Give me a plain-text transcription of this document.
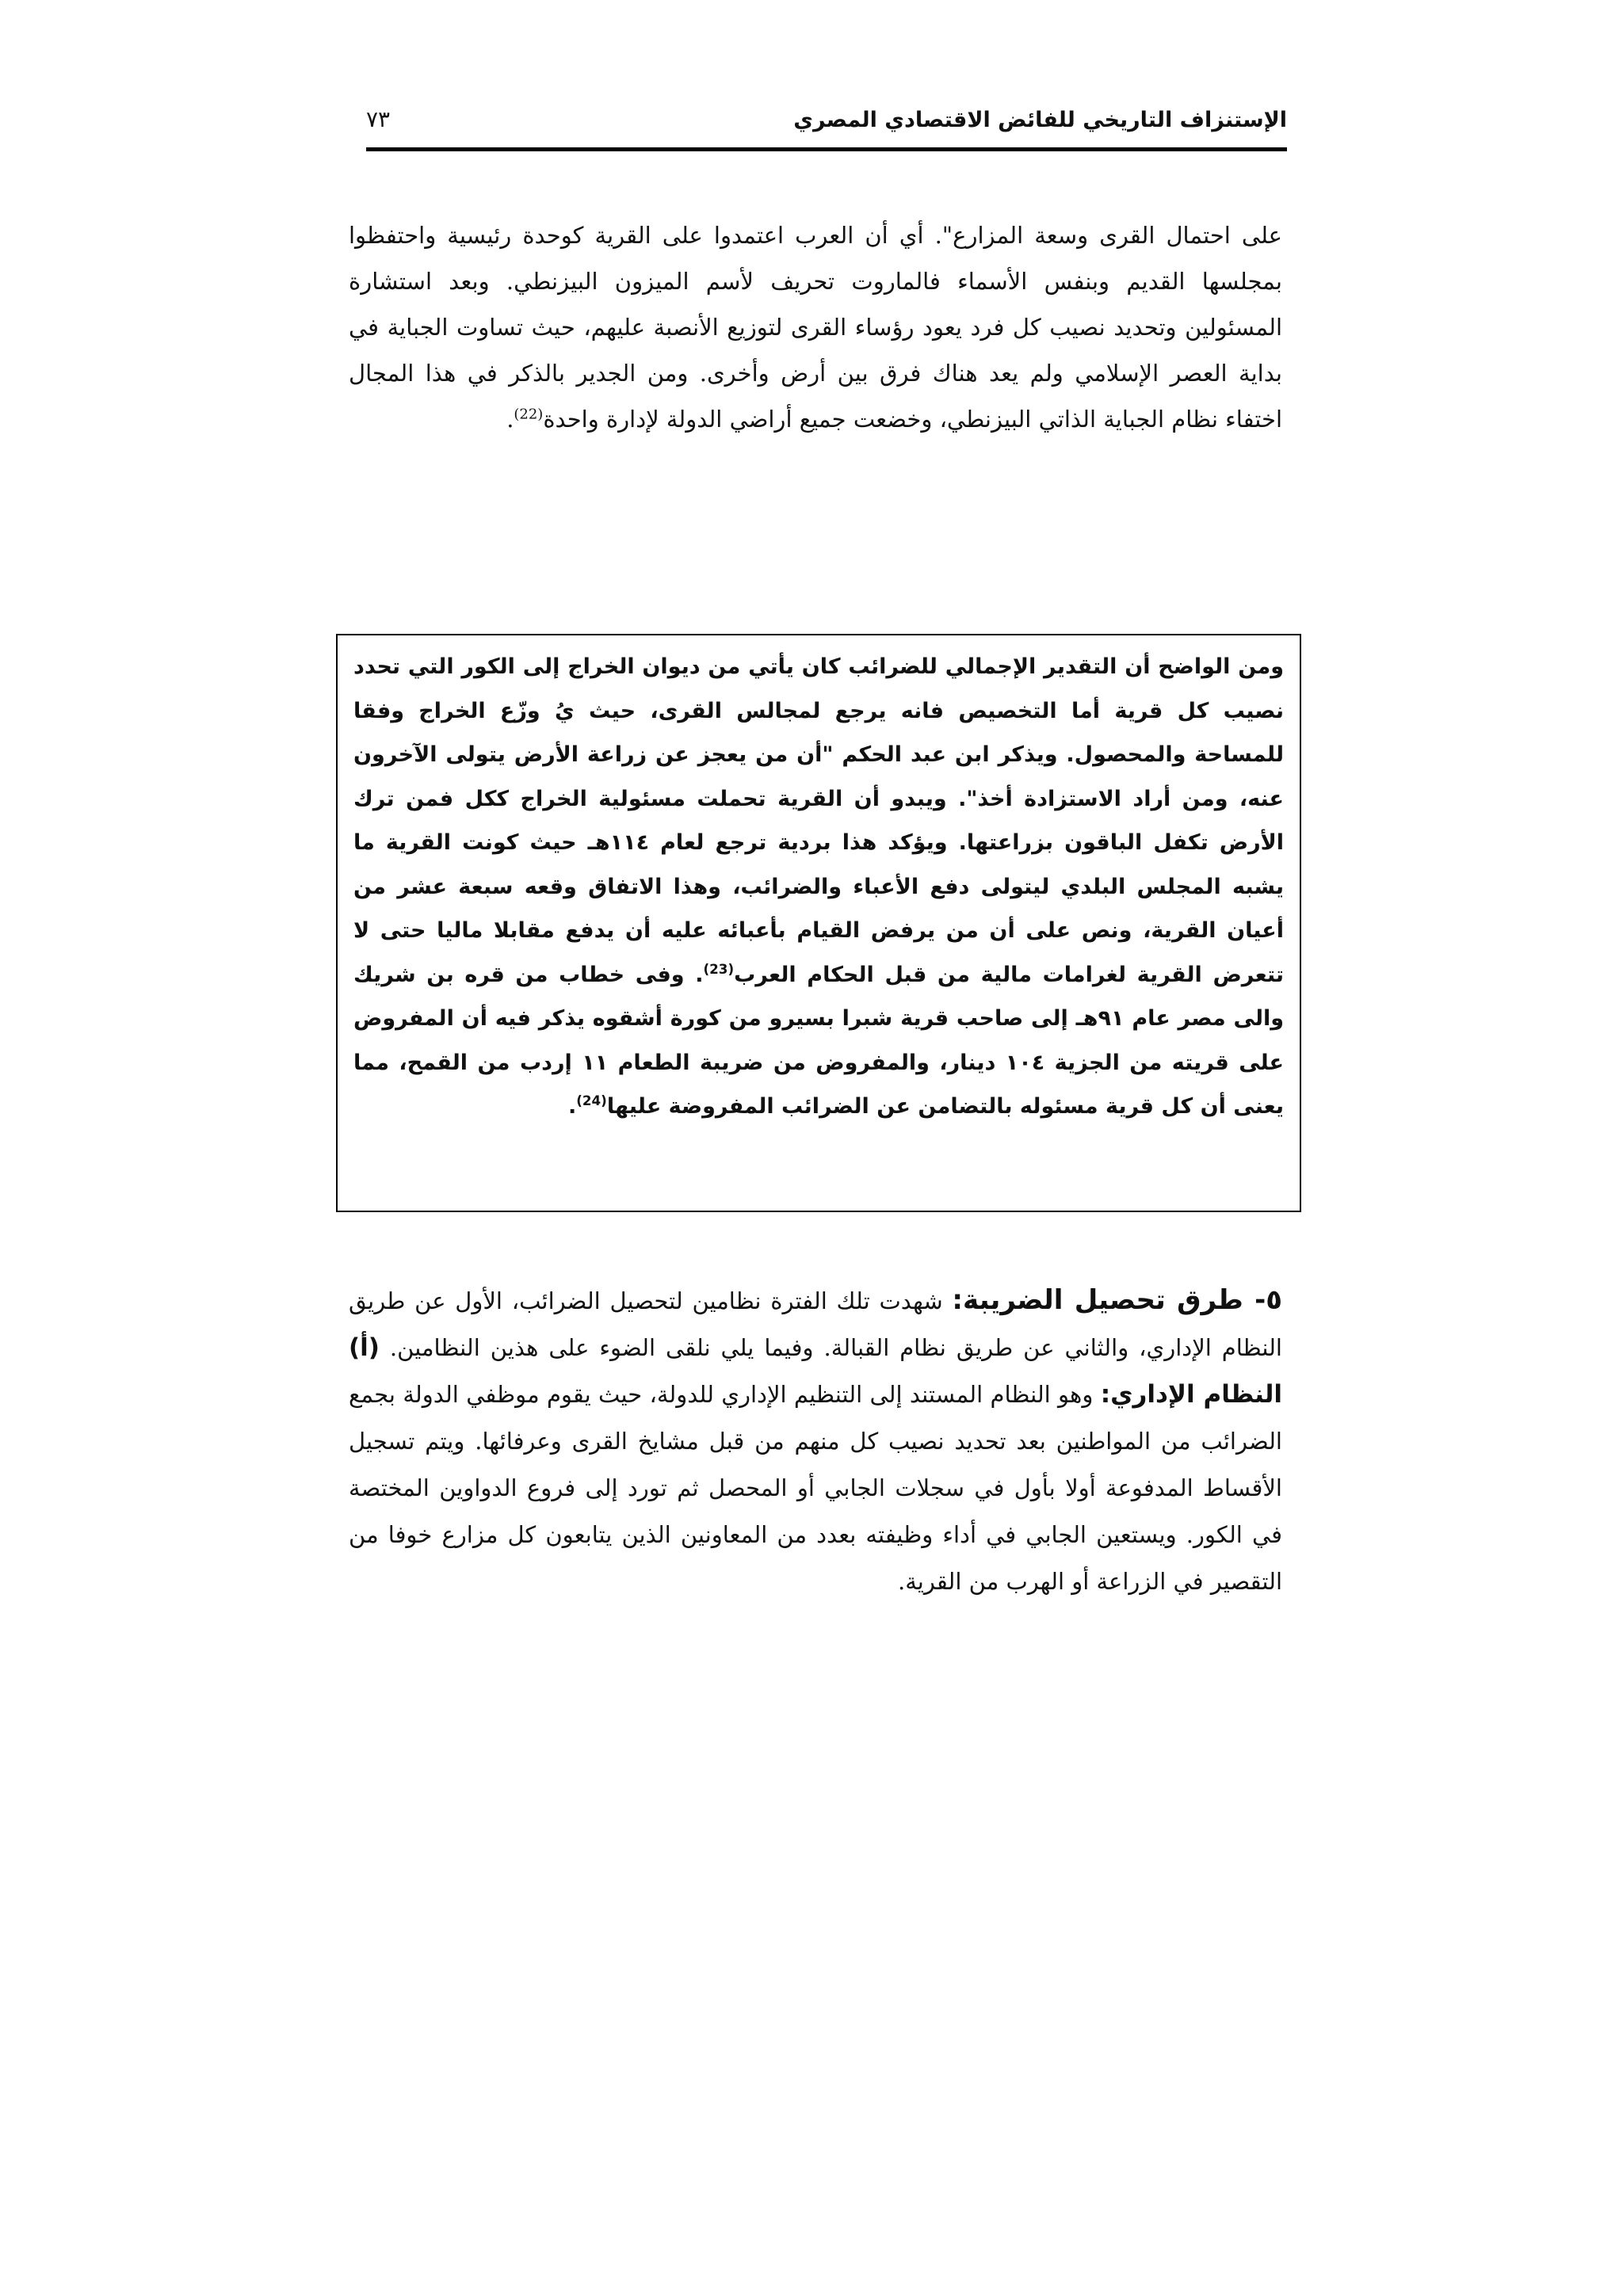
الإستنزاف التاريخي للفائض الاقتصادي المصري
٧٣

على احتمال القرى وسعة المزارع". أي أن العرب اعتمدوا على القرية كوحدة رئيسية واحتفظوا بمجلسها القديم وبنفس الأسماء فالماروت تحريف لأسم الميزون البيزنطي. وبعد استشارة المسئولين وتحديد نصيب كل فرد يعود رؤساء القرى لتوزيع الأنصبة عليهم، حيث تساوت الجباية في بداية العصر الإسلامي ولم يعد هناك فرق بين أرض وأخرى. ومن الجدير بالذكر في هذا المجال اختفاء نظام الجباية الذاتي البيزنطي، وخضعت جميع أراضي الدولة لإدارة واحدة$^{(22)}$.

ومن الواضح أن التقدير الإجمالي للضرائب كان يأتي من ديوان الخراج إلى الكور التي تحدد نصيب كل قرية أما التخصيص فانه يرجع لمجالس القرى، حيث يُ وزّع الخراج وفقا للمساحة والمحصول. ويذكر ابن عبد الحكم "أن من يعجز عن زراعة الأرض يتولى الآخرون عنه، ومن أراد الاستزادة أخذ". ويبدو أن القرية تحملت مسئولية الخراج ككل فمن ترك الأرض تكفل الباقون بزراعتها. ويؤكد هذا بردية ترجع لعام ١١٤هـ حيث كونت القرية ما يشبه المجلس البلدي ليتولى دفع الأعباء والضرائب، وهذا الاتفاق وقعه سبعة عشر من أعيان القرية، ونص على أن من يرفض القيام بأعبائه عليه أن يدفع مقابلا ماليا حتى لا تتعرض القرية لغرامات مالية من قبل الحكام العرب$^{(23)}$. وفى خطاب من قره بن شريك والى مصر عام ٩١هـ إلى صاحب قرية شبرا بسيرو من كورة أشقوه يذكر فيه أن المفروض على قريته من الجزية ١٠٤ دينار، والمفروض من ضريبة الطعام ١١ إردب من القمح، مما يعنى أن كل قرية مسئوله بالتضامن عن الضرائب المفروضة عليها$^{(24)}$.

٥- طرق تحصيل الضريبة: شهدت تلك الفترة نظامين لتحصيل الضرائب، الأول عن طريق النظام الإداري، والثاني عن طريق نظام القبالة. وفيما يلي نلقى الضوء على هذين النظامين. (أ) النظام الإداري: وهو النظام المستند إلى التنظيم الإداري للدولة، حيث يقوم موظفي الدولة بجمع الضرائب من المواطنين بعد تحديد نصيب كل منهم من قبل مشايخ القرى وعرفائها. ويتم تسجيل الأقساط المدفوعة أولا بأول في سجلات الجابي أو المحصل ثم تورد إلى فروع الدواوين المختصة في الكور. ويستعين الجابي في أداء وظيفته بعدد من المعاونين الذين يتابعون كل مزارع خوفا من التقصير في الزراعة أو الهرب من القرية.
